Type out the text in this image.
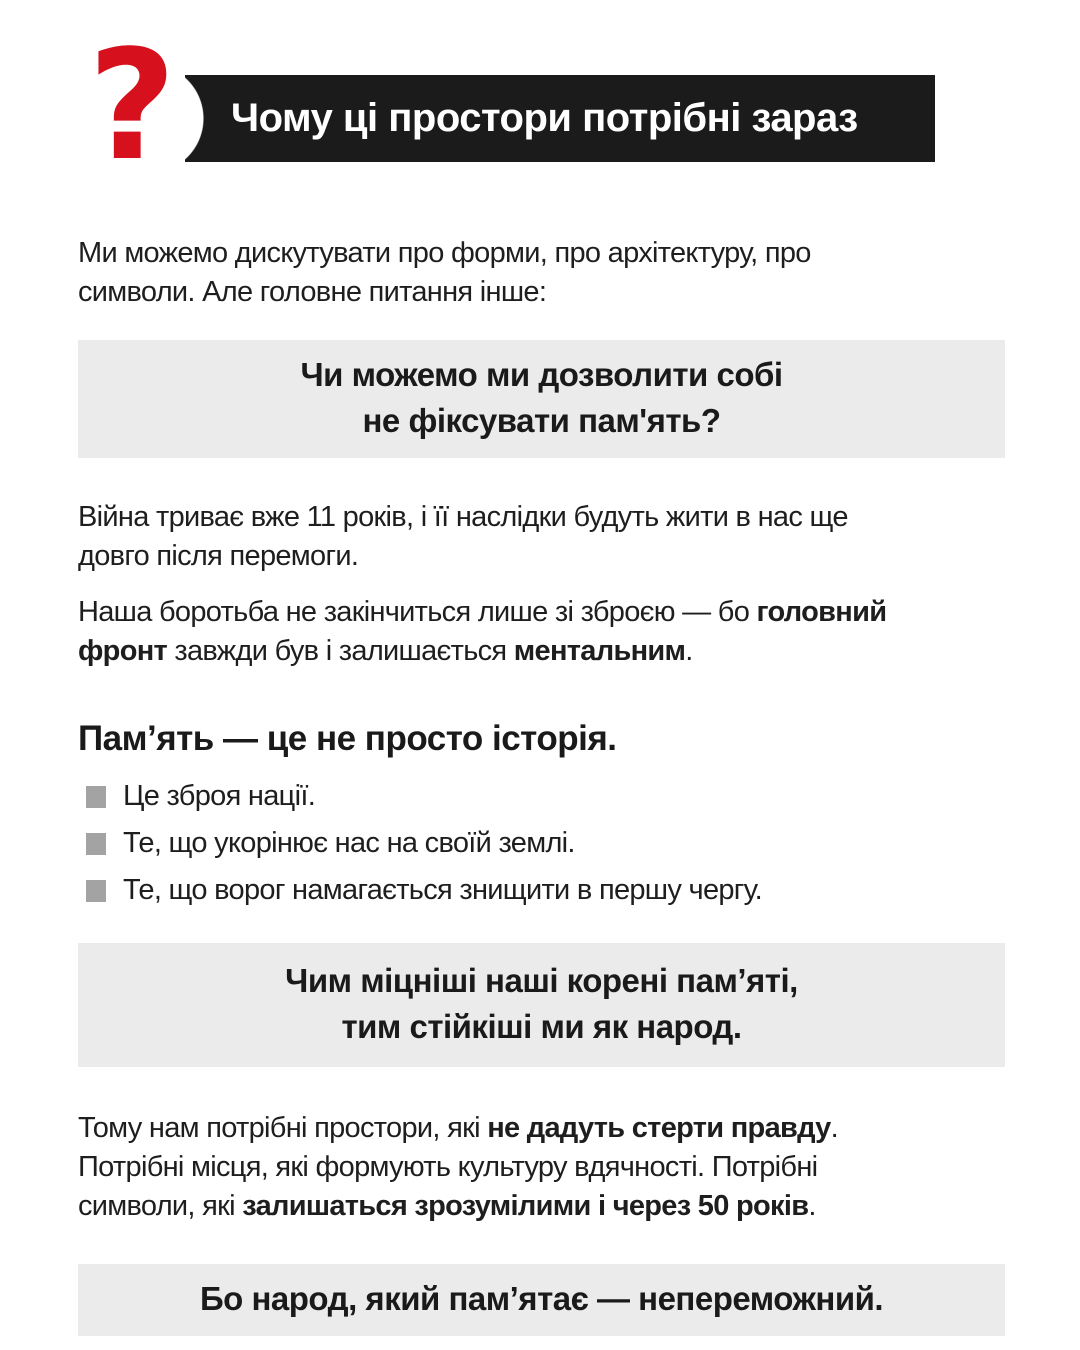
? Чому ці простори потрібні зараз

Ми можемо дискутувати про форми, про архітектуру, про
символи. Але головне питання інше:

Чи можемо ми дозволити собі
не фіксувати пам'ять?

Війна триває вже 11 років, і її наслідки будуть жити в нас ще
довго після перемоги.

Наша боротьба не закінчиться лише зі зброєю — бо головний
фронт завжди був і залишається ментальним.

Пам’ять — це не просто історія.
Це зброя нації.
Те, що укорінює нас на своїй землі.
Те, що ворог намагається знищити в першу чергу.

Чим міцніші наші корені пам’яті,
тим стійкіші ми як народ.

Тому нам потрібні простори, які не дадуть стерти правду.
Потрібні місця, які формують культуру вдячності. Потрібні
символи, які залишаться зрозумілими і через 50 років.

Бо народ, який пам’ятає — непереможний.
